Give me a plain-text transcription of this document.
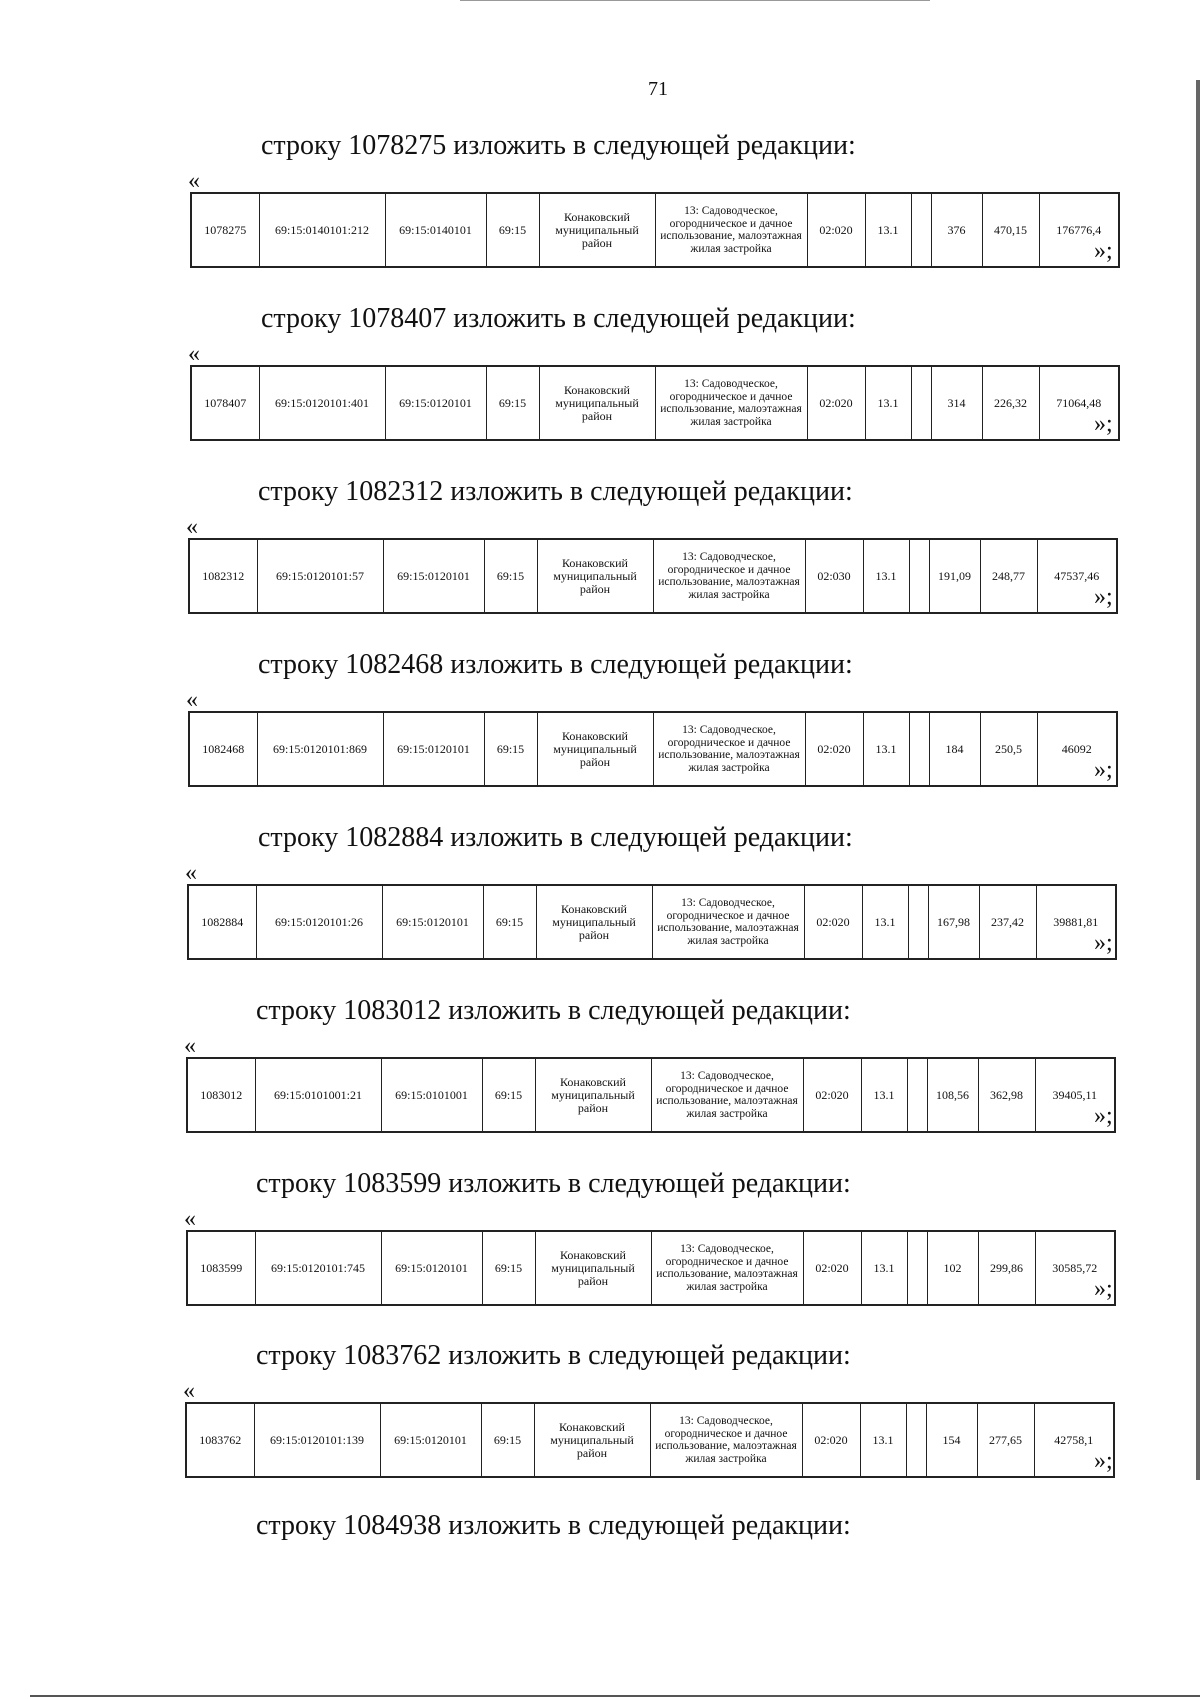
71
строку 1078275 изложить в следующей редакции:
«
1078275	69:15:0140101:212	69:15:0140101	69:15	Конаковский муниципальный район	13: Садоводческое, огородническое и дачное использование, малоэтажная жилая застройка	02:020	13.1		376	470,15	176776,4
»;
строку 1078407 изложить в следующей редакции:
«
1078407	69:15:0120101:401	69:15:0120101	69:15	Конаковский муниципальный район	13: Садоводческое, огородническое и дачное использование, малоэтажная жилая застройка	02:020	13.1		314	226,32	71064,48
»;
строку 1082312 изложить в следующей редакции:
«
1082312	69:15:0120101:57	69:15:0120101	69:15	Конаковский муниципальный район	13: Садоводческое, огородническое и дачное использование, малоэтажная жилая застройка	02:030	13.1		191,09	248,77	47537,46
»;
строку 1082468 изложить в следующей редакции:
«
1082468	69:15:0120101:869	69:15:0120101	69:15	Конаковский муниципальный район	13: Садоводческое, огородническое и дачное использование, малоэтажная жилая застройка	02:020	13.1		184	250,5	46092
»;
строку 1082884 изложить в следующей редакции:
«
1082884	69:15:0120101:26	69:15:0120101	69:15	Конаковский муниципальный район	13: Садоводческое, огородническое и дачное использование, малоэтажная жилая застройка	02:020	13.1		167,98	237,42	39881,81
»;
строку 1083012 изложить в следующей редакции:
«
1083012	69:15:0101001:21	69:15:0101001	69:15	Конаковский муниципальный район	13: Садоводческое, огородническое и дачное использование, малоэтажная жилая застройка	02:020	13.1		108,56	362,98	39405,11
»;
строку 1083599 изложить в следующей редакции:
«
1083599	69:15:0120101:745	69:15:0120101	69:15	Конаковский муниципальный район	13: Садоводческое, огородническое и дачное использование, малоэтажная жилая застройка	02:020	13.1		102	299,86	30585,72
»;
строку 1083762 изложить в следующей редакции:
«
1083762	69:15:0120101:139	69:15:0120101	69:15	Конаковский муниципальный район	13: Садоводческое, огородническое и дачное использование, малоэтажная жилая застройка	02:020	13.1		154	277,65	42758,1
»;
строку 1084938 изложить в следующей редакции:
